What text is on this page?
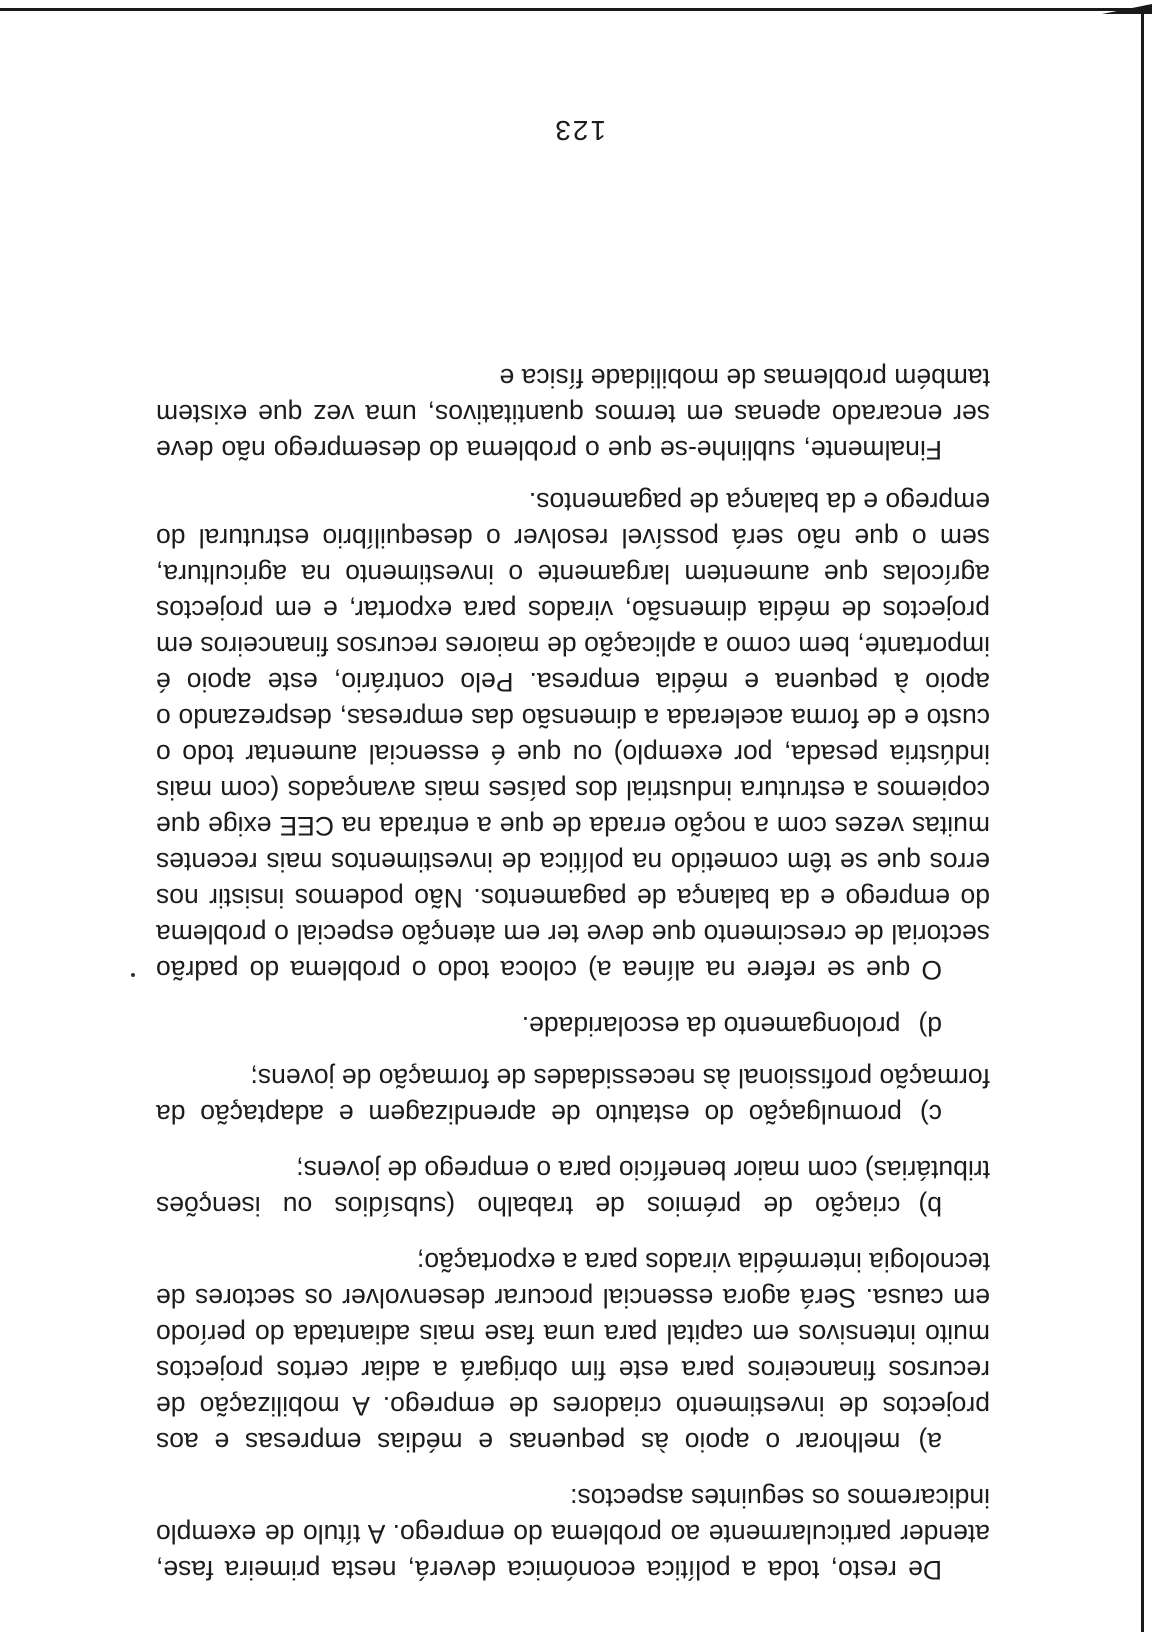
De resto, toda a política económica deverá, nesta primeira fase, atender particularmente ao problema do emprego. A título de exemplo indicaremos os seguintes aspectos:

a)melhorar o apoio às pequenas e médias empresas e aos projectos de investimento criadores de emprego. A mobilização de recursos financeiros para este fim obrigará a adiar certos projectos muito intensivos em capital para uma fase mais adiantada do período em causa. Será agora essencial procurar desenvolver os sectores de tecnologia intermédia virados para a exportação;

b)criação de prémios de trabalho (subsídios ou isenções tributárias) com maior benefício para o emprego de jovens;

c)promulgação do estatuto de aprendizagem e adaptação da formação profissional às necessidades de formação de jovens;

d)prolongamento da escolaridade.

O que se refere na alínea a) coloca todo o problema do padrão sectorial de crescimento que deve ter em atenção especial o problema do emprego e da balança de pagamentos. Não podemos insistir nos erros que se têm cometido na política de investimentos mais recentes muitas vezes com a noção errada de que a entrada na CEE exige que copiemos a estrutura industrial dos países mais avançados (com mais indústria pesada, por exemplo) ou que é essencial aumentar todo o custo e de forma acelerada a dimensão das empresas, desprezando o apoio à pequena e média empresa. Pelo contrário, este apoio é importante, bem como a aplicação de maiores recursos financeiros em projectos de média dimensão, virados para exportar, e em projectos agrícolas que aumentem largamente o investimento na agricultura, sem o que não será possível resolver o desequilíbrio estrutural do emprego e da balança de pagamentos.

Finalmente, sublinhe-se que o problema do desemprego não deve ser encarado apenas em termos quantitativos, uma vez que existem também problemas de mobilidade física e

123
